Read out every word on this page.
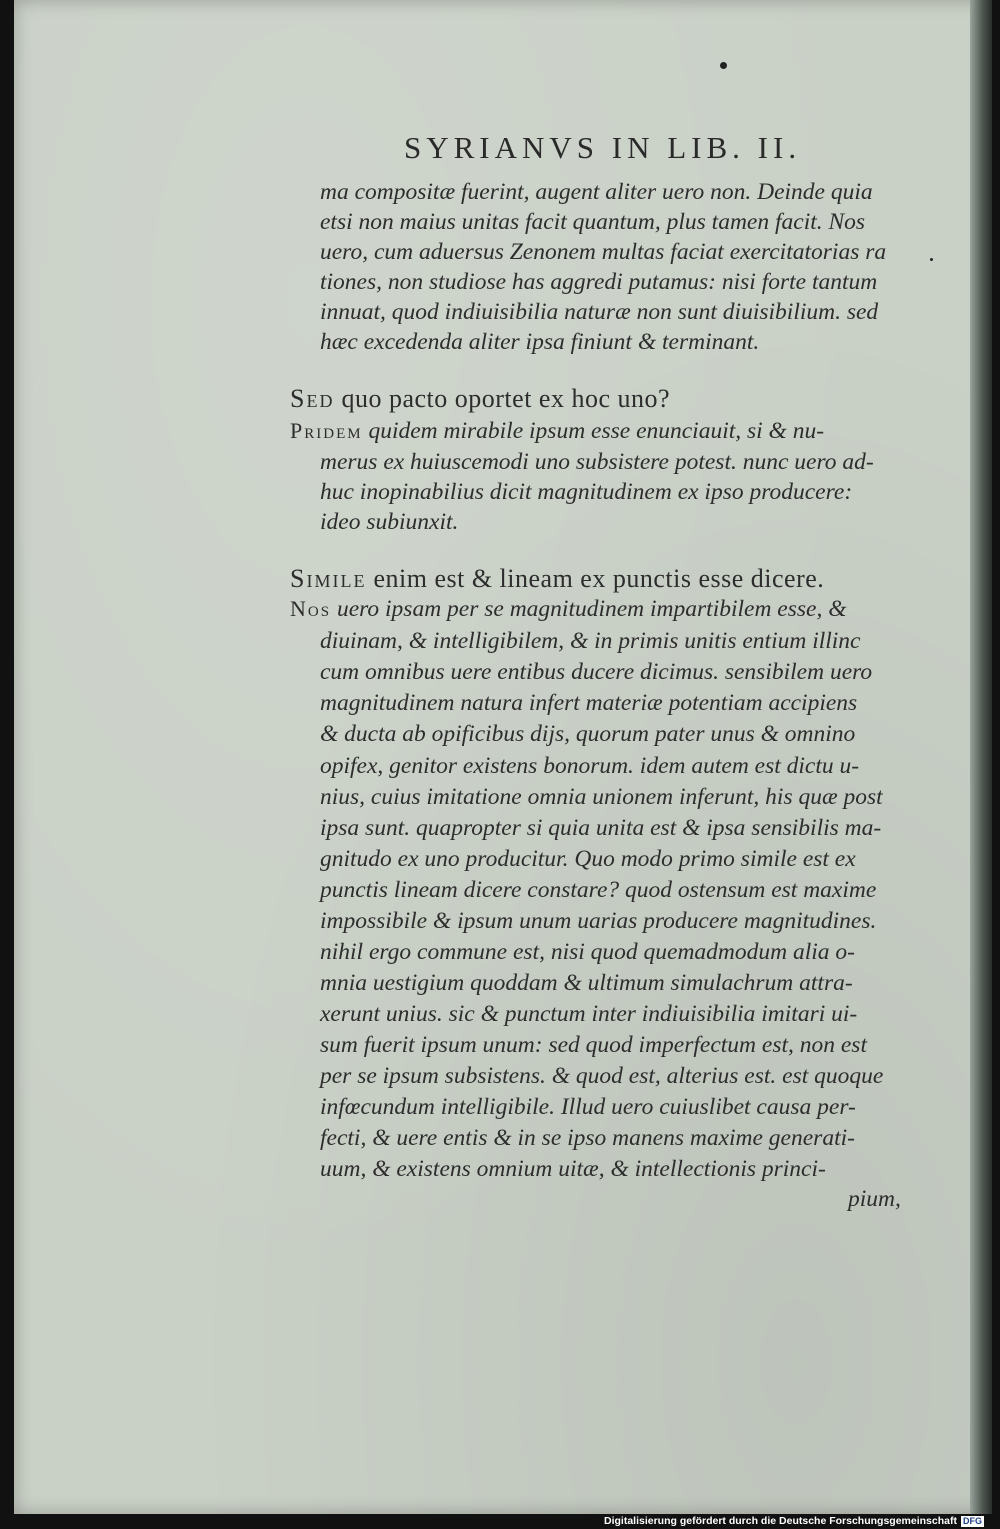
SYRIANVS IN LIB. II.
ma compositæ fuerint, augent aliter uero non. Deinde quia
etsi non maius unitas facit quantum, plus tamen facit. Nos
uero, cum aduersus Zenonem multas faciat exercitatorias ra
tiones, non studiose has aggredi putamus: nisi forte tantum
innuat, quod indiuisibilia naturæ non sunt diuisibilium. sed
hæc excedenda aliter ipsa finiunt & terminant.
Sed quo pacto oportet ex hoc uno?
Pridem quidem mirabile ipsum esse enunciauit, si & nu-
merus ex huiuscemodi uno subsistere potest. nunc uero ad-
huc inopinabilius dicit magnitudinem ex ipso producere:
ideo subiunxit.
Simile enim est & lineam ex punctis esse dicere.
Nos uero ipsam per se magnitudinem impartibilem esse, &
diuinam, & intelligibilem, & in primis unitis entium illinc
cum omnibus uere entibus ducere dicimus. sensibilem uero
magnitudinem natura infert materiæ potentiam accipiens
& ducta ab opificibus dijs, quorum pater unus & omnino
opifex, genitor existens bonorum. idem autem est dictu u-
nius, cuius imitatione omnia unionem inferunt, his quæ post
ipsa sunt. quapropter si quia unita est & ipsa sensibilis ma-
gnitudo ex uno producitur. Quo modo primo simile est ex
punctis lineam dicere constare? quod ostensum est maxime
impossibile & ipsum unum uarias producere magnitudines.
nihil ergo commune est, nisi quod quemadmodum alia o-
mnia uestigium quoddam & ultimum simulachrum attra-
xerunt unius. sic & punctum inter indiuisibilia imitari ui-
sum fuerit ipsum unum: sed quod imperfectum est, non est
per se ipsum subsistens. & quod est, alterius est. est quoque
infœcundum intelligibile. Illud uero cuiuslibet causa per-
fecti, & uere entis & in se ipso manens maxime generati-
uum, & existens omnium uitæ, & intellectionis princi-
pium,
Digitalisierung gefördert durch die Deutsche Forschungsgemeinschaft DFG
